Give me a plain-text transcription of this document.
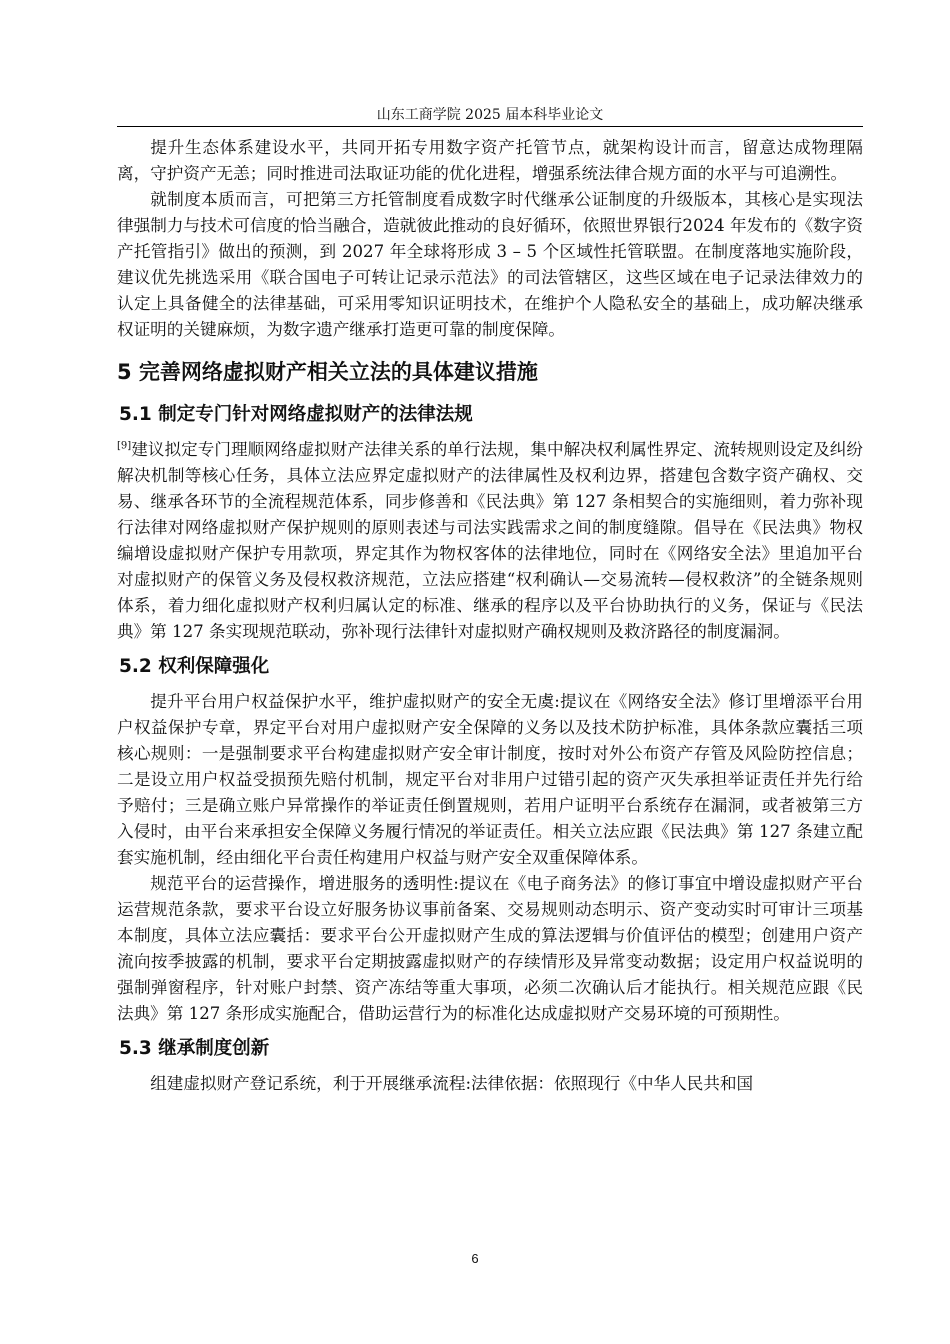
山东工商学院 2025 届本科毕业论文

提升生态体系建设水平，共同开拓专用数字资产托管节点，就架构设计而言，留意达成物理隔离，守护资产无恙；同时推进司法取证功能的优化进程，增强系统法律合规方面的水平与可追溯性。

就制度本质而言，可把第三方托管制度看成数字时代继承公证制度的升级版本，其核心是实现法律强制力与技术可信度的恰当融合，造就彼此推动的良好循环，依照世界银行2024 年发布的《数字资产托管指引》做出的预测，到 2027 年全球将形成 3 – 5 个区域性托管联盟。在制度落地实施阶段，建议优先挑选采用《联合国电子可转让记录示范法》的司法管辖区，这些区域在电子记录法律效力的认定上具备健全的法律基础，可采用零知识证明技术，在维护个人隐私安全的基础上，成功解决继承权证明的关键麻烦，为数字遗产继承打造更可靠的制度保障。

5 完善网络虚拟财产相关立法的具体建议措施
5.1 制定专门针对网络虚拟财产的法律法规

[9]建议拟定专门理顺网络虚拟财产法律关系的单行法规，集中解决权利属性界定、流转规则设定及纠纷解决机制等核心任务，具体立法应界定虚拟财产的法律属性及权利边界，搭建包含数字资产确权、交易、继承各环节的全流程规范体系，同步修善和《民法典》第 127 条相契合的实施细则，着力弥补现行法律对网络虚拟财产保护规则的原则表述与司法实践需求之间的制度缝隙。倡导在《民法典》物权编增设虚拟财产保护专用款项，界定其作为物权客体的法律地位，同时在《网络安全法》里追加平台对虚拟财产的保管义务及侵权救济规范，立法应搭建“权利确认—交易流转—侵权救济”的全链条规则体系，着力细化虚拟财产权利归属认定的标准、继承的程序以及平台协助执行的义务，保证与《民法典》第 127 条实现规范联动，弥补现行法律针对虚拟财产确权规则及救济路径的制度漏洞。

5.2 权利保障强化

提升平台用户权益保护水平，维护虚拟财产的安全无虞:提议在《网络安全法》修订里增添平台用户权益保护专章，界定平台对用户虚拟财产安全保障的义务以及技术防护标准，具体条款应囊括三项核心规则：一是强制要求平台构建虚拟财产安全审计制度，按时对外公布资产存管及风险防控信息；二是设立用户权益受损预先赔付机制，规定平台对非用户过错引起的资产灭失承担举证责任并先行给予赔付；三是确立账户异常操作的举证责任倒置规则，若用户证明平台系统存在漏洞，或者被第三方入侵时，由平台来承担安全保障义务履行情况的举证责任。相关立法应跟《民法典》第 127 条建立配套实施机制，经由细化平台责任构建用户权益与财产安全双重保障体系。

规范平台的运营操作，增进服务的透明性:提议在《电子商务法》的修订事宜中增设虚拟财产平台运营规范条款，要求平台设立好服务协议事前备案、交易规则动态明示、资产变动实时可审计三项基本制度，具体立法应囊括：要求平台公开虚拟财产生成的算法逻辑与价值评估的模型；创建用户资产流向按季披露的机制，要求平台定期披露虚拟财产的存续情形及异常变动数据；设定用户权益说明的强制弹窗程序，针对账户封禁、资产冻结等重大事项，必须二次确认后才能执行。相关规范应跟《民法典》第 127 条形成实施配合，借助运营行为的标准化达成虚拟财产交易环境的可预期性。

5.3 继承制度创新

组建虚拟财产登记系统，利于开展继承流程:法律依据：依照现行《中华人民共和国

6
